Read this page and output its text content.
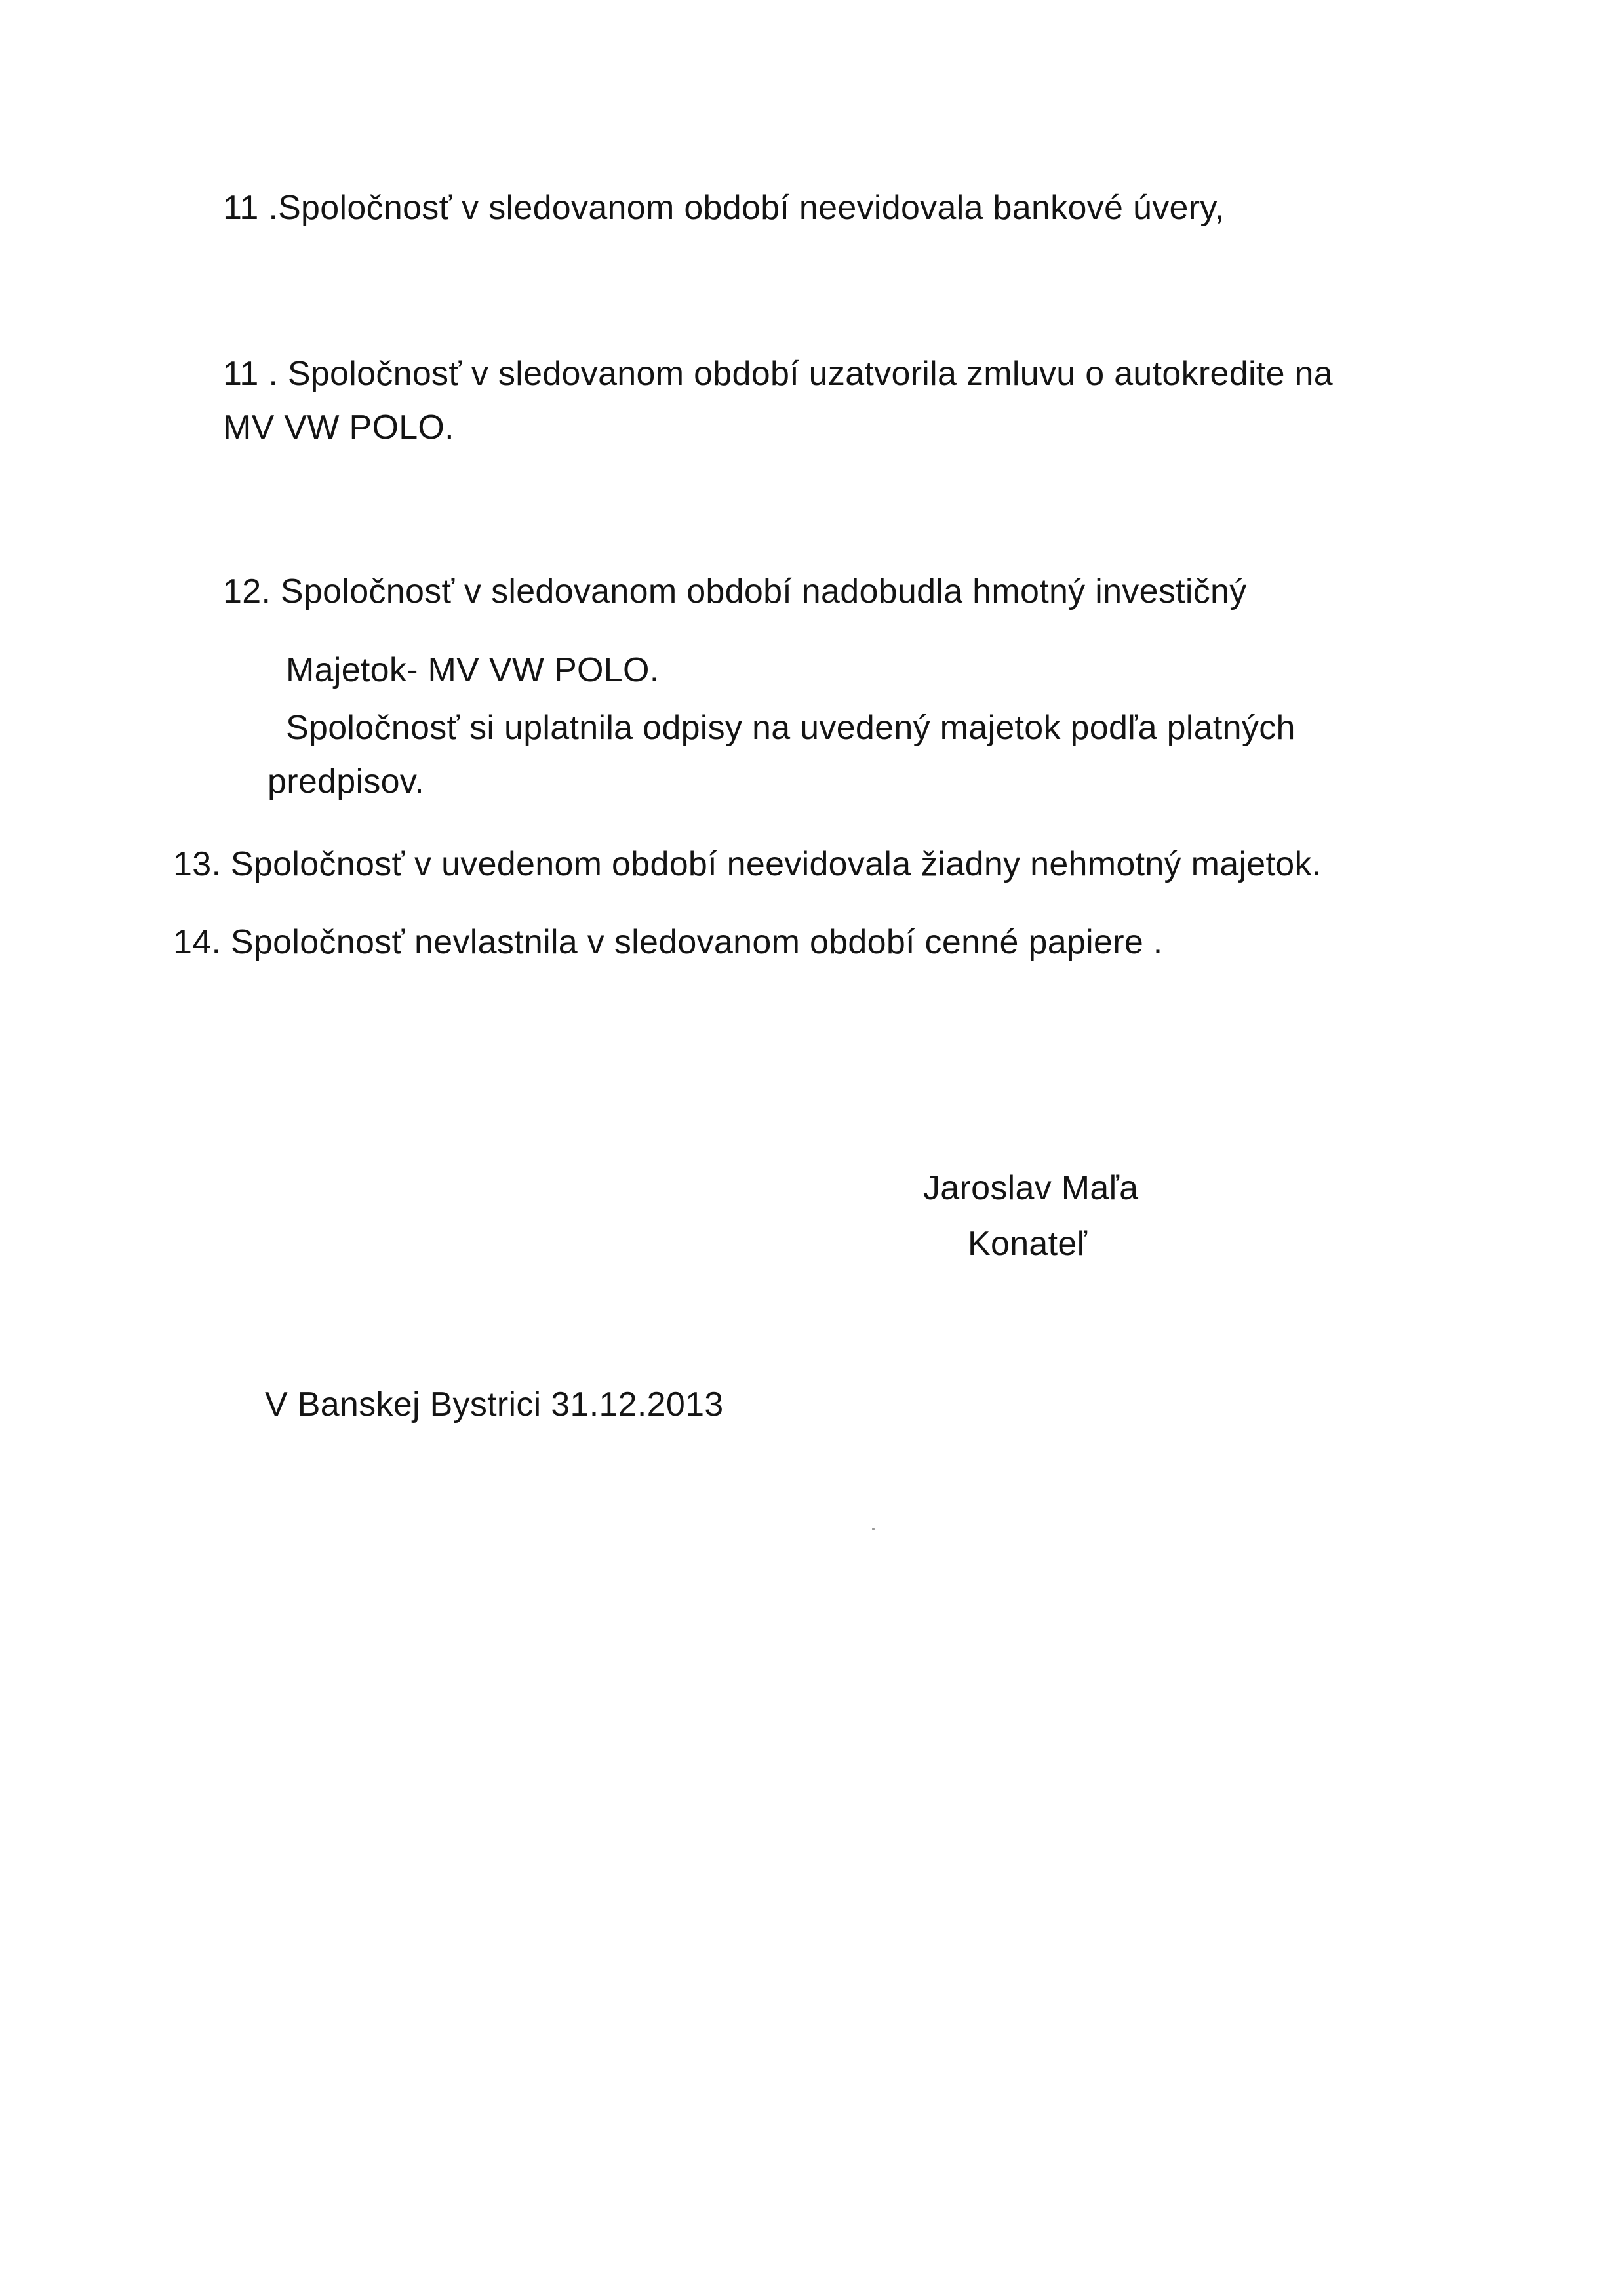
11 .Spoločnosť v sledovanom období neevidovala bankové úvery,
11 . Spoločnosť v sledovanom období uzatvorila zmluvu o autokredite na
MV VW POLO.
12. Spoločnosť v sledovanom období nadobudla hmotný investičný
Majetok- MV VW POLO.
Spoločnosť si uplatnila odpisy na uvedený majetok podľa platných
predpisov.
13. Spoločnosť v uvedenom období neevidovala žiadny nehmotný majetok.
14. Spoločnosť nevlastnila v sledovanom období cenné papiere .
Jaroslav Maľa
Konateľ
V Banskej Bystrici 31.12.2013
